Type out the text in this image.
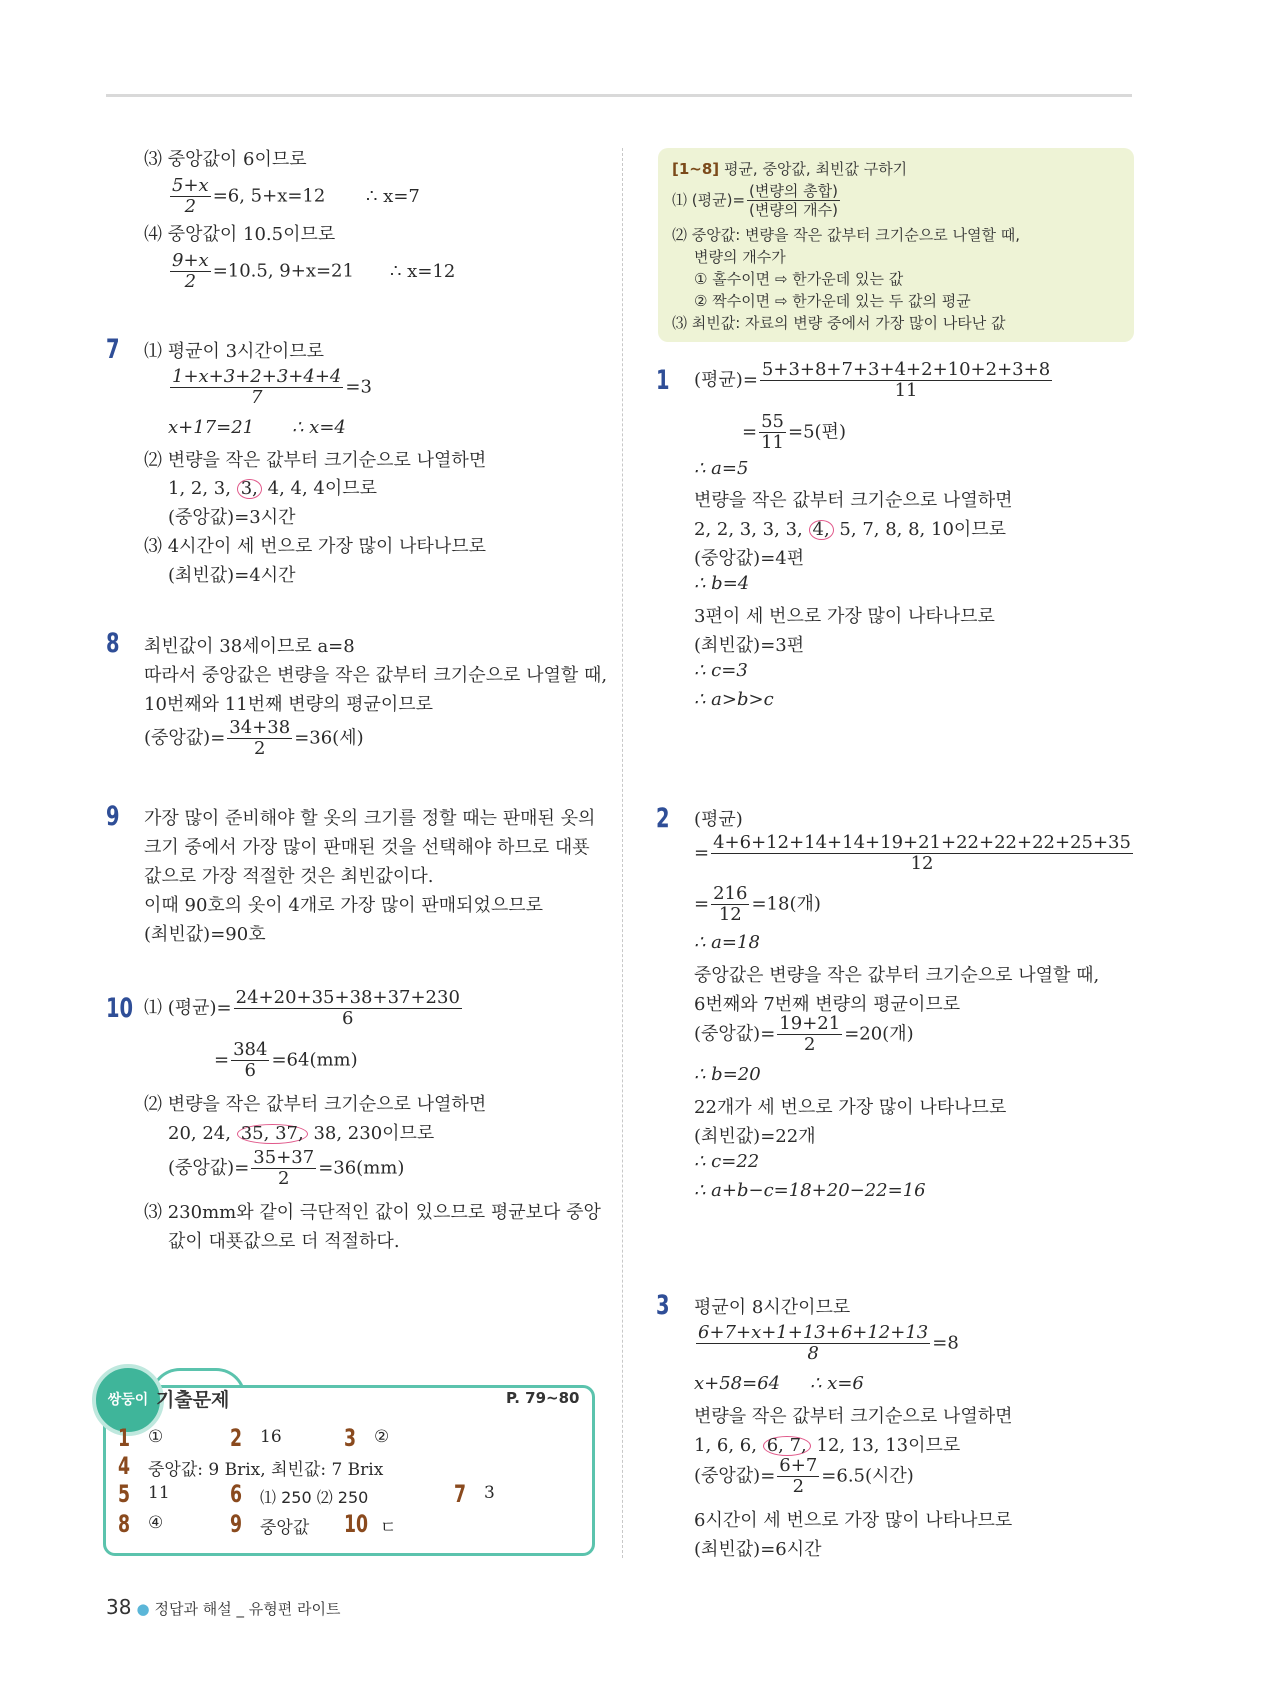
⑶ 중앙값이 6이므로
$\frac{5+x}{2} =6$, 5+x=12 ∴ x=7
⑷ 중앙값이 10.5이므로
$\frac{9+x}{2} =10.5$, 9+x=21 ∴ x=12
7 ⑴ 평균이 3시간이므로
$\frac{1+x+3+2+3+4+4}{7} =3$
x+17=21 ∴ x=4
⑵ 변량을 작은 값부터 크기순으로 나열하면
1, 2, 3, 3, 4, 4, 4이므로
(중앙값)=3시간
⑶ 4시간이 세 번으로 가장 많이 나타나므로
(최빈값)=4시간
8 최빈값이 38세이므로 a=8
따라서 중앙값은 변량을 작은 값부터 크기순으로 나열할 때,
10번째와 11번째 변량의 평균이므로
(중앙값)= $\frac{34+38}{2} =36$(세)
9 가장 많이 준비해야 할 옷의 크기를 정할 때는 판매된 옷의
크기 중에서 가장 많이 판매된 것을 선택해야 하므로 대푯
값으로 가장 적절한 것은 최빈값이다.
이때 90호의 옷이 4개로 가장 많이 판매되었으므로
(최빈값)=90호
10 ⑴ (평균)= $\frac{24+20+35+38+37+230}{6}$
= $\frac{384}{6} =64(mm)$
⑵ 변량을 작은 값부터 크기순으로 나열하면
20, 24, 35, 37, 38, 230이므로
(중앙값)= $\frac{35+37}{2} =36(mm)$
⑶ 230mm와 같이 극단적인 값이 있으므로 평균보다 중앙
값이 대푯값으로 더 적절하다.
쌍둥이 기출문제	P. 79~80
1 ①	2 16	3 ②
4 중앙값: 9 Brix, 최빈값: 7 Brix
5 11	6 ⑴ 250 ⑵ 250	7 3
8 ④	9 중앙값 10 ㄷ
[1~8] 평균, 중앙값, 최빈값 구하기
⑴ (평균)= $\frac{\text{(변량의 총합)}}{\text{(변량의 개수)}}$
⑵ 중앙값: 변량을 작은 값부터 크기순으로 나열할 때,
변량의 개수가
① 홀수이면 ⇨ 한가운데 있는 값
② 짝수이면 ⇨ 한가운데 있는 두 값의 평균
⑶ 최빈값: 자료의 변량 중에서 가장 많이 나타난 값
1 (평균)= $\frac{5+3+8+7+3+4+2+10+2+3+8}{11}$
= $\frac{55}{11} =5$(편)
∴ a=5
변량을 작은 값부터 크기순으로 나열하면
2, 2, 3, 3, 3, 4, 5, 7, 8, 8, 10이므로
(중앙값)=4편
∴ b=4
3편이 세 번으로 가장 많이 나타나므로
(최빈값)=3편
∴ c=3
∴ a>b>c
2 (평균)
= $\frac{4+6+12+14+14+19+21+22+22+22+25+35}{12}$
= $\frac{216}{12} =18$(개)
∴ a=18
중앙값은 변량을 작은 값부터 크기순으로 나열할 때,
6번째와 7번째 변량의 평균이므로
(중앙값)= $\frac{19+21}{2} =20$(개)
∴ b=20
22개가 세 번으로 가장 많이 나타나므로
(최빈값)=22개
∴ c=22
∴ a+b−c=18+20−22=16
3 평균이 8시간이므로
$\frac{6+7+x+1+13+6+12+13}{8} =8$
x+58=64 ∴ x=6
변량을 작은 값부터 크기순으로 나열하면
1, 6, 6, 6, 7, 12, 13, 13이므로
(중앙값)= $\frac{6+7}{2} =6.5$(시간)
6시간이 세 번으로 가장 많이 나타나므로
(최빈값)=6시간
38 ● 정답과 해설 _ 유형편 라이트
